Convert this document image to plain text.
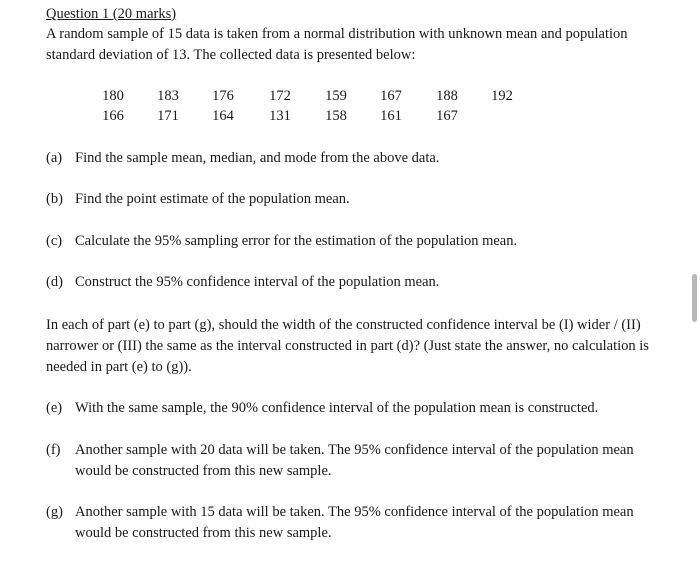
Question 1 (20 marks)
A random sample of 15 data is taken from a normal distribution with unknown mean and population standard deviation of 13. The collected data is presented below:
180	183	176	172	159	167	188	192
166	171	164	131	158	161	167
(a) Find the sample mean, median, and mode from the above data.
(b) Find the point estimate of the population mean.
(c) Calculate the 95% sampling error for the estimation of the population mean.
(d) Construct the 95% confidence interval of the population mean.
In each of part (e) to part (g), should the width of the constructed confidence interval be (I) wider / (II) narrower or (III) the same as the interval constructed in part (d)? (Just state the answer, no calculation is needed in part (e) to (g)).
(e) With the same sample, the 90% confidence interval of the population mean is constructed.
(f)	Another sample with 20 data will be taken. The 95% confidence interval of the population mean would be constructed from this new sample.
(g) Another sample with 15 data will be taken. The 95% confidence interval of the population mean would be constructed from this new sample.
